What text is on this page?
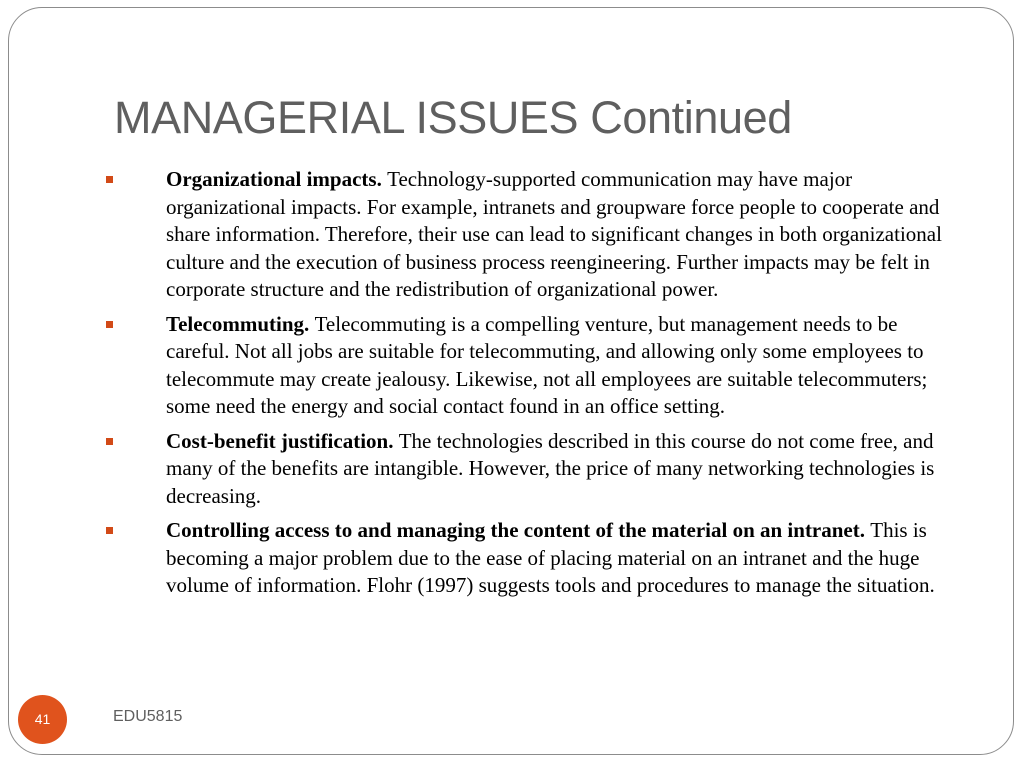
MANAGERIAL ISSUES Continued
Organizational impacts. Technology-supported communication may have major organizational impacts. For example, intranets and groupware force people to cooperate and share information. Therefore, their use can lead to significant changes in both organizational culture and the execution of business process reengineering. Further impacts may be felt in corporate structure and the redistribution of organizational power.
Telecommuting. Telecommuting is a compelling venture, but management needs to be careful. Not all jobs are suitable for telecommuting, and allowing only some employees to telecommute may create jealousy. Likewise, not all employees are suitable telecommuters; some need the energy and social contact found in an office setting.
Cost-benefit justification. The technologies described in this course do not come free, and many of the benefits are intangible. However, the price of many networking technologies is decreasing.
Controlling access to and managing the content of the material on an intranet. This is becoming a major problem due to the ease of placing material on an intranet and the huge volume of information. Flohr (1997) suggests tools and procedures to manage the situation.
41	EDU5815
